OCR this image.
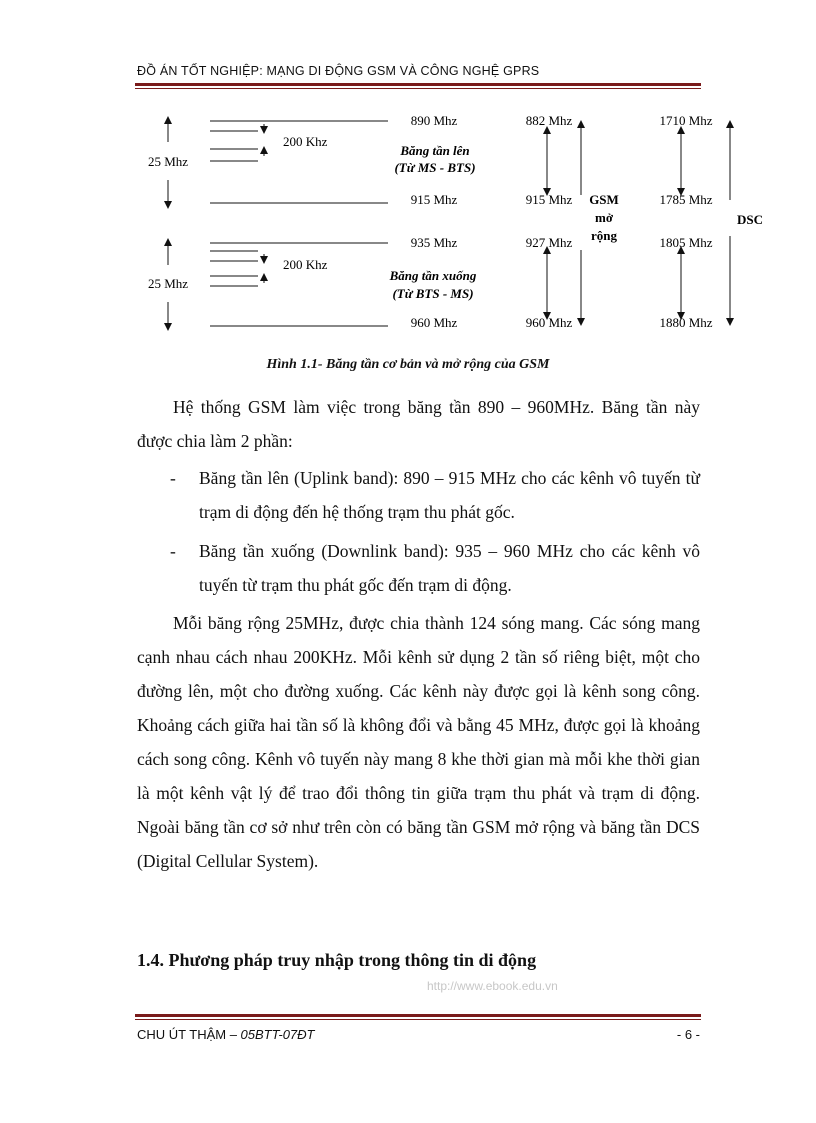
ĐỒ ÁN TỐT NGHIỆP: MẠNG DI ĐỘNG GSM VÀ CÔNG NGHỆ GPRS
25 Mhz
200 Khz
Băng tần lên
(Từ MS - BTS)
890 Mhz
915 Mhz
25 Mhz
200 Khz
Băng tần xuống
(Từ BTS - MS)
935 Mhz
960 Mhz
882 Mhz
915 Mhz
927 Mhz
960 Mhz
GSM
mở
rộng
1710 Mhz
1785 Mhz
1805 Mhz
1880 Mhz
DSC
Hình 1.1- Băng tần cơ bản và mở rộng của GSM
Hệ thống GSM làm việc trong băng tần 890 – 960MHz. Băng tần này được chia làm 2 phần:
-	Băng tần lên (Uplink band): 890 – 915 MHz cho các kênh vô tuyến từ trạm di động đến hệ thống trạm thu phát gốc.
-	Băng tần xuống (Downlink band): 935 – 960 MHz cho các kênh vô tuyến từ trạm thu phát gốc đến trạm di động.
Mỗi băng rộng 25MHz, được chia thành 124 sóng mang. Các sóng mang cạnh nhau cách nhau 200KHz. Mỗi kênh sử dụng 2 tần số riêng biệt, một cho đường lên, một cho đường xuống. Các kênh này được gọi là kênh song công. Khoảng cách giữa hai tần số là không đổi và bằng 45 MHz, được gọi là khoảng cách song công. Kênh vô tuyến này mang 8 khe thời gian mà mỗi khe thời gian là một kênh vật lý để trao đổi thông tin giữa trạm thu phát và trạm di động. Ngoài băng tần cơ sở như trên còn có băng tần GSM mở rộng và băng tần DCS (Digital Cellular System).
1.4. Phương pháp truy nhập trong thông tin di động
http://www.ebook.edu.vn
CHU ÚT THẬM – 05BTT-07ĐT	- 6 -
